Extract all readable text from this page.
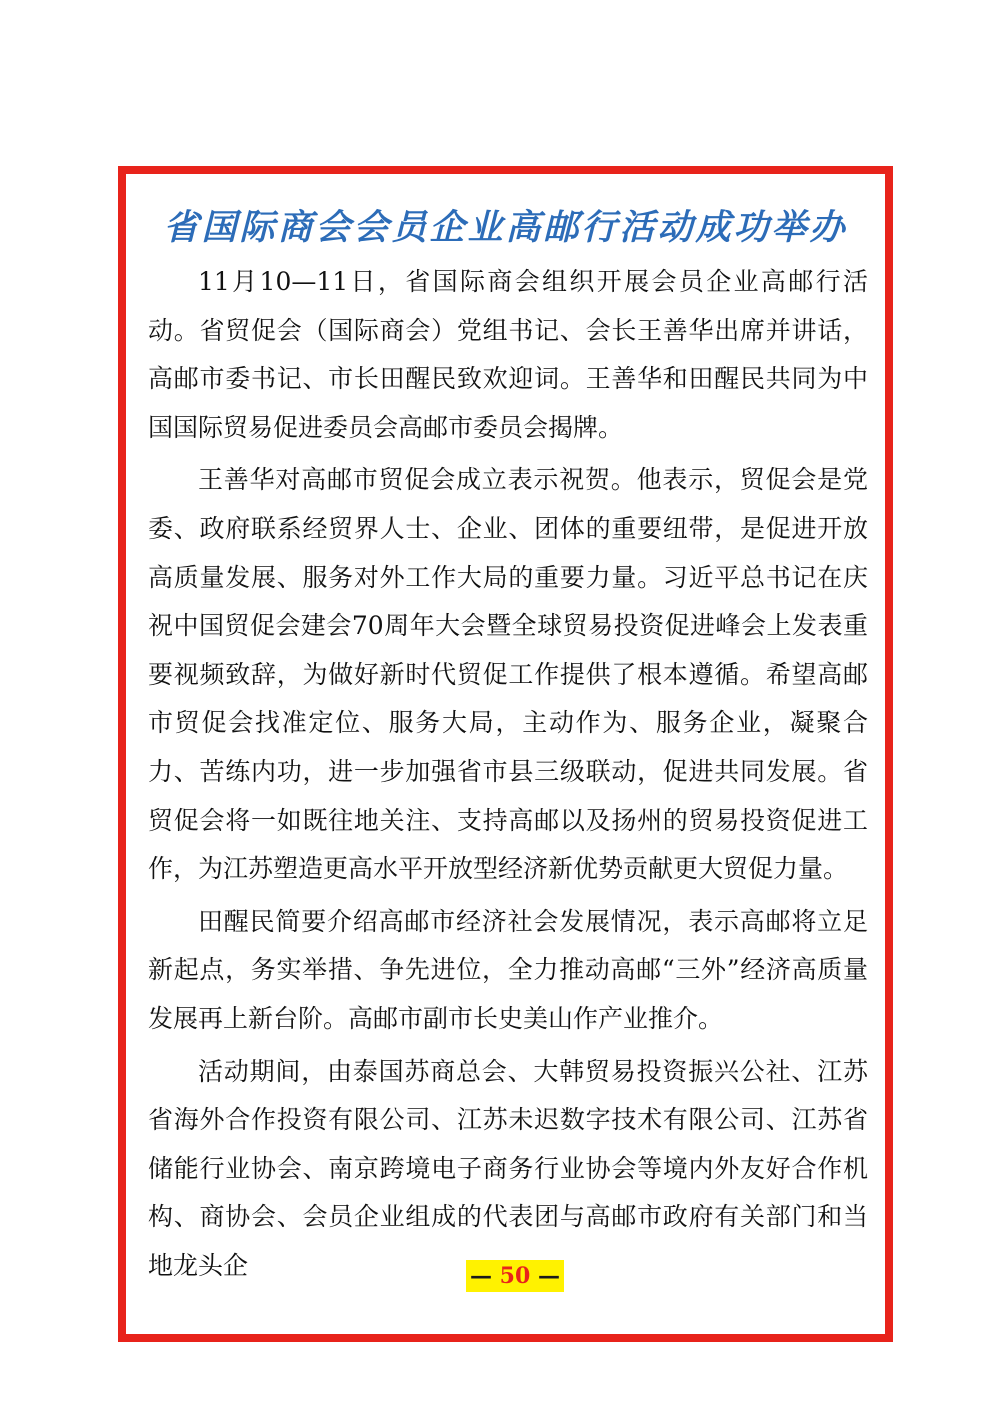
省国际商会会员企业高邮行活动成功举办

11月10—11日，省国际商会组织开展会员企业高邮行活动。省贸促会（国际商会）党组书记、会长王善华出席并讲话，高邮市委书记、市长田醒民致欢迎词。王善华和田醒民共同为中国国际贸易促进委员会高邮市委员会揭牌。

王善华对高邮市贸促会成立表示祝贺。他表示，贸促会是党委、政府联系经贸界人士、企业、团体的重要纽带，是促进开放高质量发展、服务对外工作大局的重要力量。习近平总书记在庆祝中国贸促会建会70周年大会暨全球贸易投资促进峰会上发表重要视频致辞，为做好新时代贸促工作提供了根本遵循。希望高邮市贸促会找准定位、服务大局，主动作为、服务企业，凝聚合力、苦练内功，进一步加强省市县三级联动，促进共同发展。省贸促会将一如既往地关注、支持高邮以及扬州的贸易投资促进工作，为江苏塑造更高水平开放型经济新优势贡献更大贸促力量。

田醒民简要介绍高邮市经济社会发展情况，表示高邮将立足新起点，务实举措、争先进位，全力推动高邮“三外”经济高质量发展再上新台阶。高邮市副市长史美山作产业推介。

活动期间，由泰国苏商总会、大韩贸易投资振兴公社、江苏省海外合作投资有限公司、江苏未迟数字技术有限公司、江苏省储能行业协会、南京跨境电子商务行业协会等境内外友好合作机构、商协会、会员企业组成的代表团与高邮市政府有关部门和当地龙头企	— 50 —
